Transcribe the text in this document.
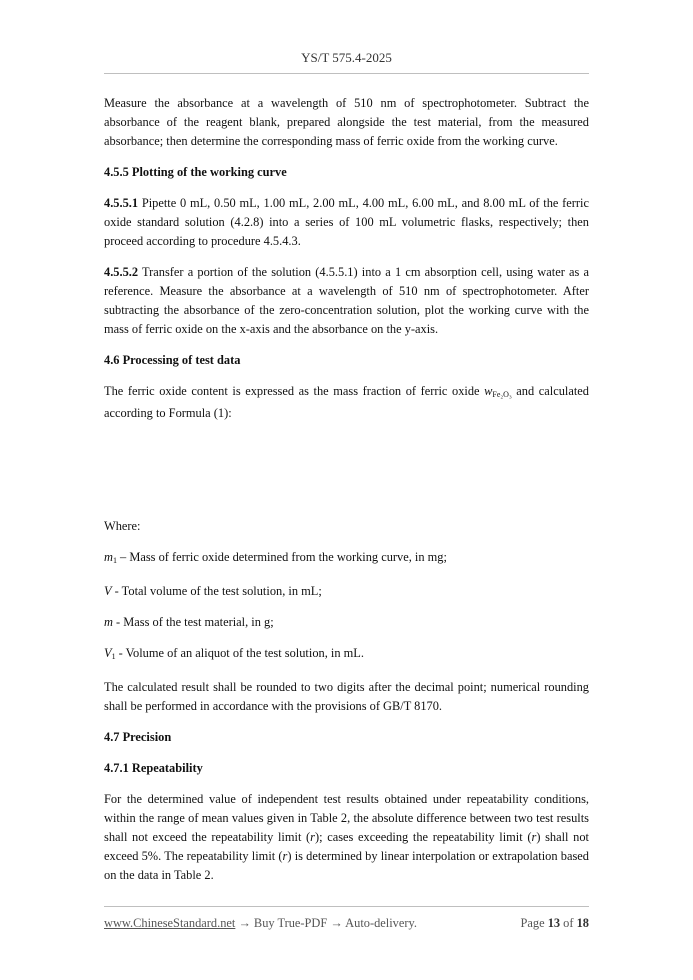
YS/T 575.4-2025

Measure the absorbance at a wavelength of 510 nm of spectrophotometer. Subtract the absorbance of the reagent blank, prepared alongside the test material, from the measured absorbance; then determine the corresponding mass of ferric oxide from the working curve.

4.5.5 Plotting of the working curve

4.5.5.1 Pipette 0 mL, 0.50 mL, 1.00 mL, 2.00 mL, 4.00 mL, 6.00 mL, and 8.00 mL of the ferric oxide standard solution (4.2.8) into a series of 100 mL volumetric flasks, respectively; then proceed according to procedure 4.5.4.3.

4.5.5.2 Transfer a portion of the solution (4.5.5.1) into a 1 cm absorption cell, using water as a reference. Measure the absorbance at a wavelength of 510 nm of spectrophotometer. After subtracting the absorbance of the zero-concentration solution, plot the working curve with the mass of ferric oxide on the x-axis and the absorbance on the y-axis.

4.6 Processing of test data

The ferric oxide content is expressed as the mass fraction of ferric oxide $w_{Fe_2O_3}$ and calculated according to Formula (1):

Where:

$m_1$ – Mass of ferric oxide determined from the working curve, in mg;

V - Total volume of the test solution, in mL;

m - Mass of the test material, in g;

$V_1$ - Volume of an aliquot of the test solution, in mL.

The calculated result shall be rounded to two digits after the decimal point; numerical rounding shall be performed in accordance with the provisions of GB/T 8170.

4.7 Precision
4.7.1 Repeatability

For the determined value of independent test results obtained under repeatability conditions, within the range of mean values given in Table 2, the absolute difference between two test results shall not exceed the repeatability limit (r); cases exceeding the repeatability limit (r) shall not exceed 5%. The repeatability limit (r) is determined by linear interpolation or extrapolation based on the data in Table 2.

www.ChineseStandard.net → Buy True-PDF → Auto-delivery.	Page 13 of 18
